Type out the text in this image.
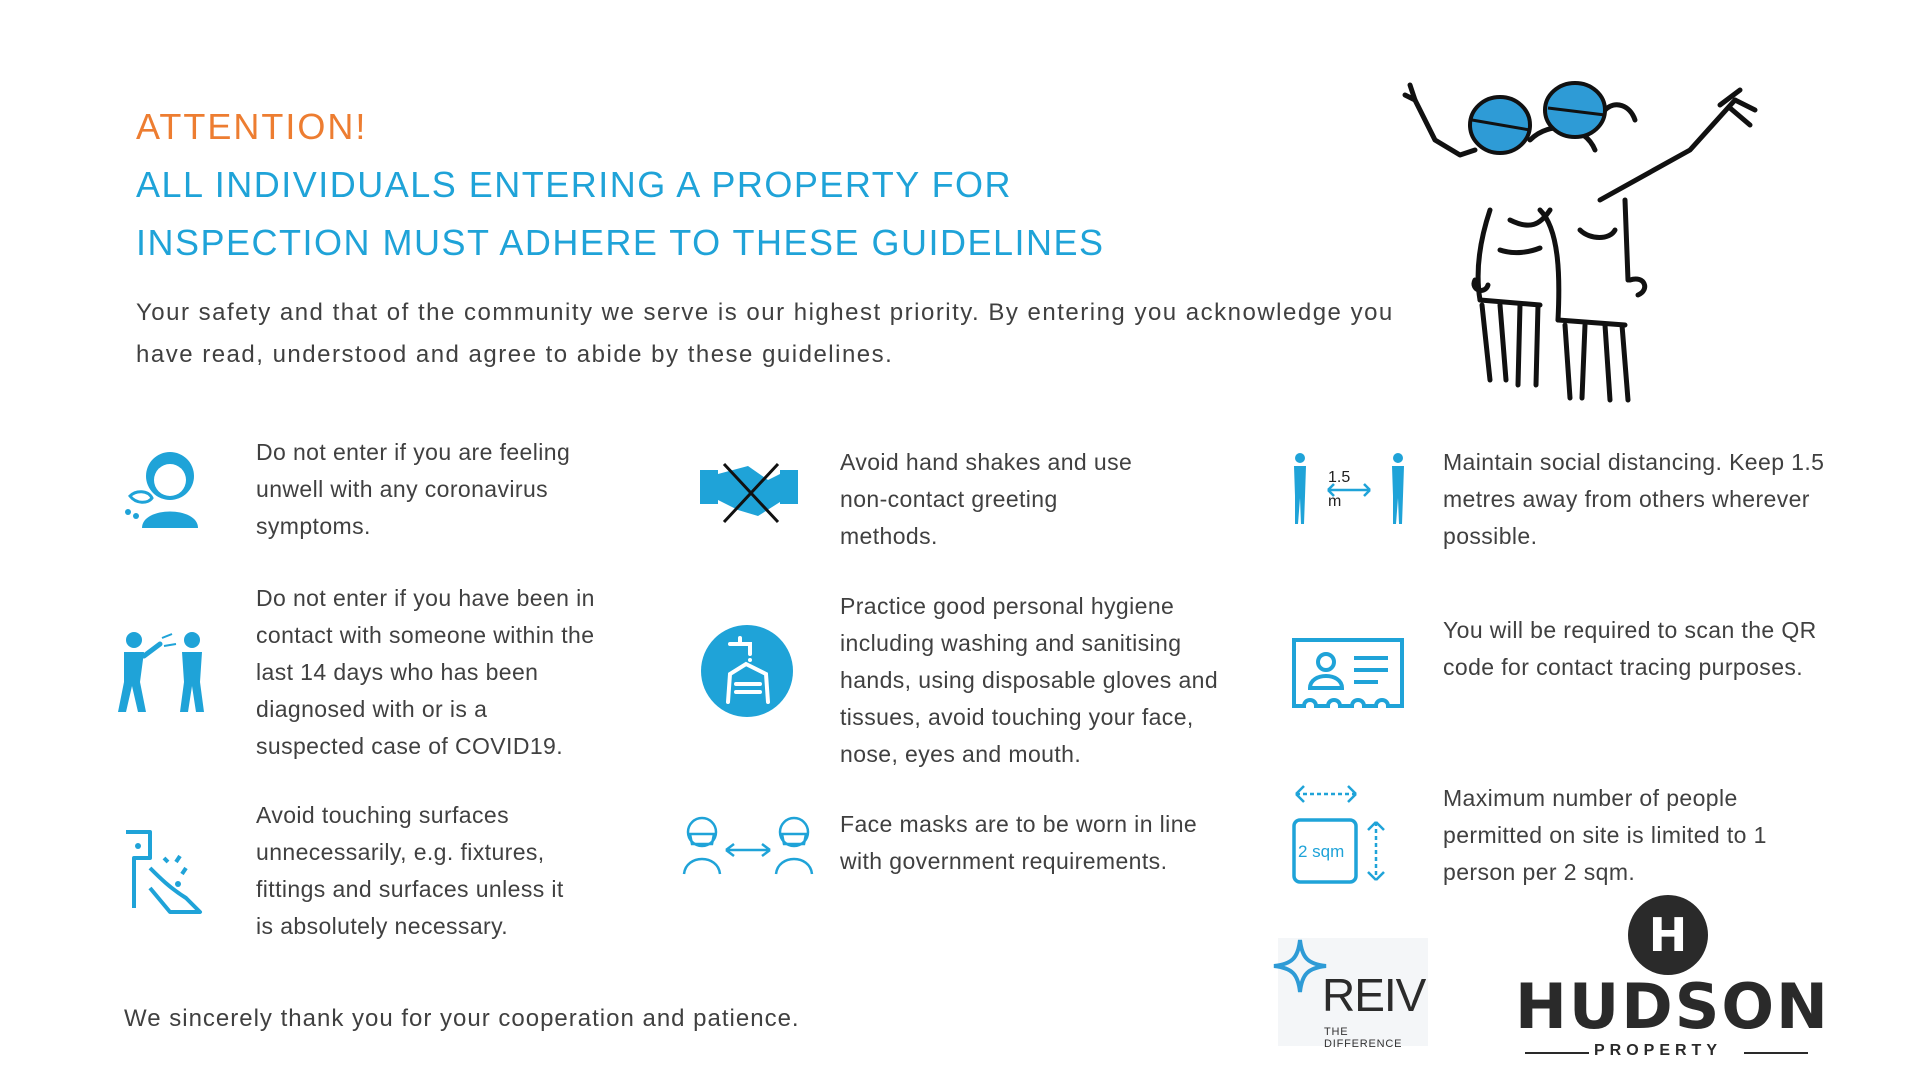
ATTENTION!
ALL INDIVIDUALS ENTERING A PROPERTY FOR
INSPECTION MUST ADHERE TO THESE GUIDELINES
Your safety and that of the community we serve is our highest priority. By entering you acknowledge you have read, understood and agree to abide by these guidelines.
Do not enter if you are feeling unwell with any coronavirus symptoms.
Do not enter if you have been in contact with someone within the last 14 days who has been diagnosed with or is a suspected case of COVID19.
Avoid touching surfaces unnecessarily, e.g. fixtures, fittings and surfaces unless it is absolutely necessary.
Avoid hand shakes and use non-contact greeting methods.
Practice good personal hygiene including washing and sanitising hands, using disposable gloves and tissues, avoid touching your face, nose, eyes and mouth.
Face masks are to be worn in line with government requirements.
1.5
m
Maintain social distancing. Keep 1.5 metres away from others wherever possible.
You will be required to scan the QR code for contact tracing purposes.
2 sqm
Maximum number of people permitted on site is limited to 1 person per 2 sqm.
We sincerely thank you for your cooperation and patience.	REIV
THE DIFFERENCE
H
HUDSON
PROPERTY
